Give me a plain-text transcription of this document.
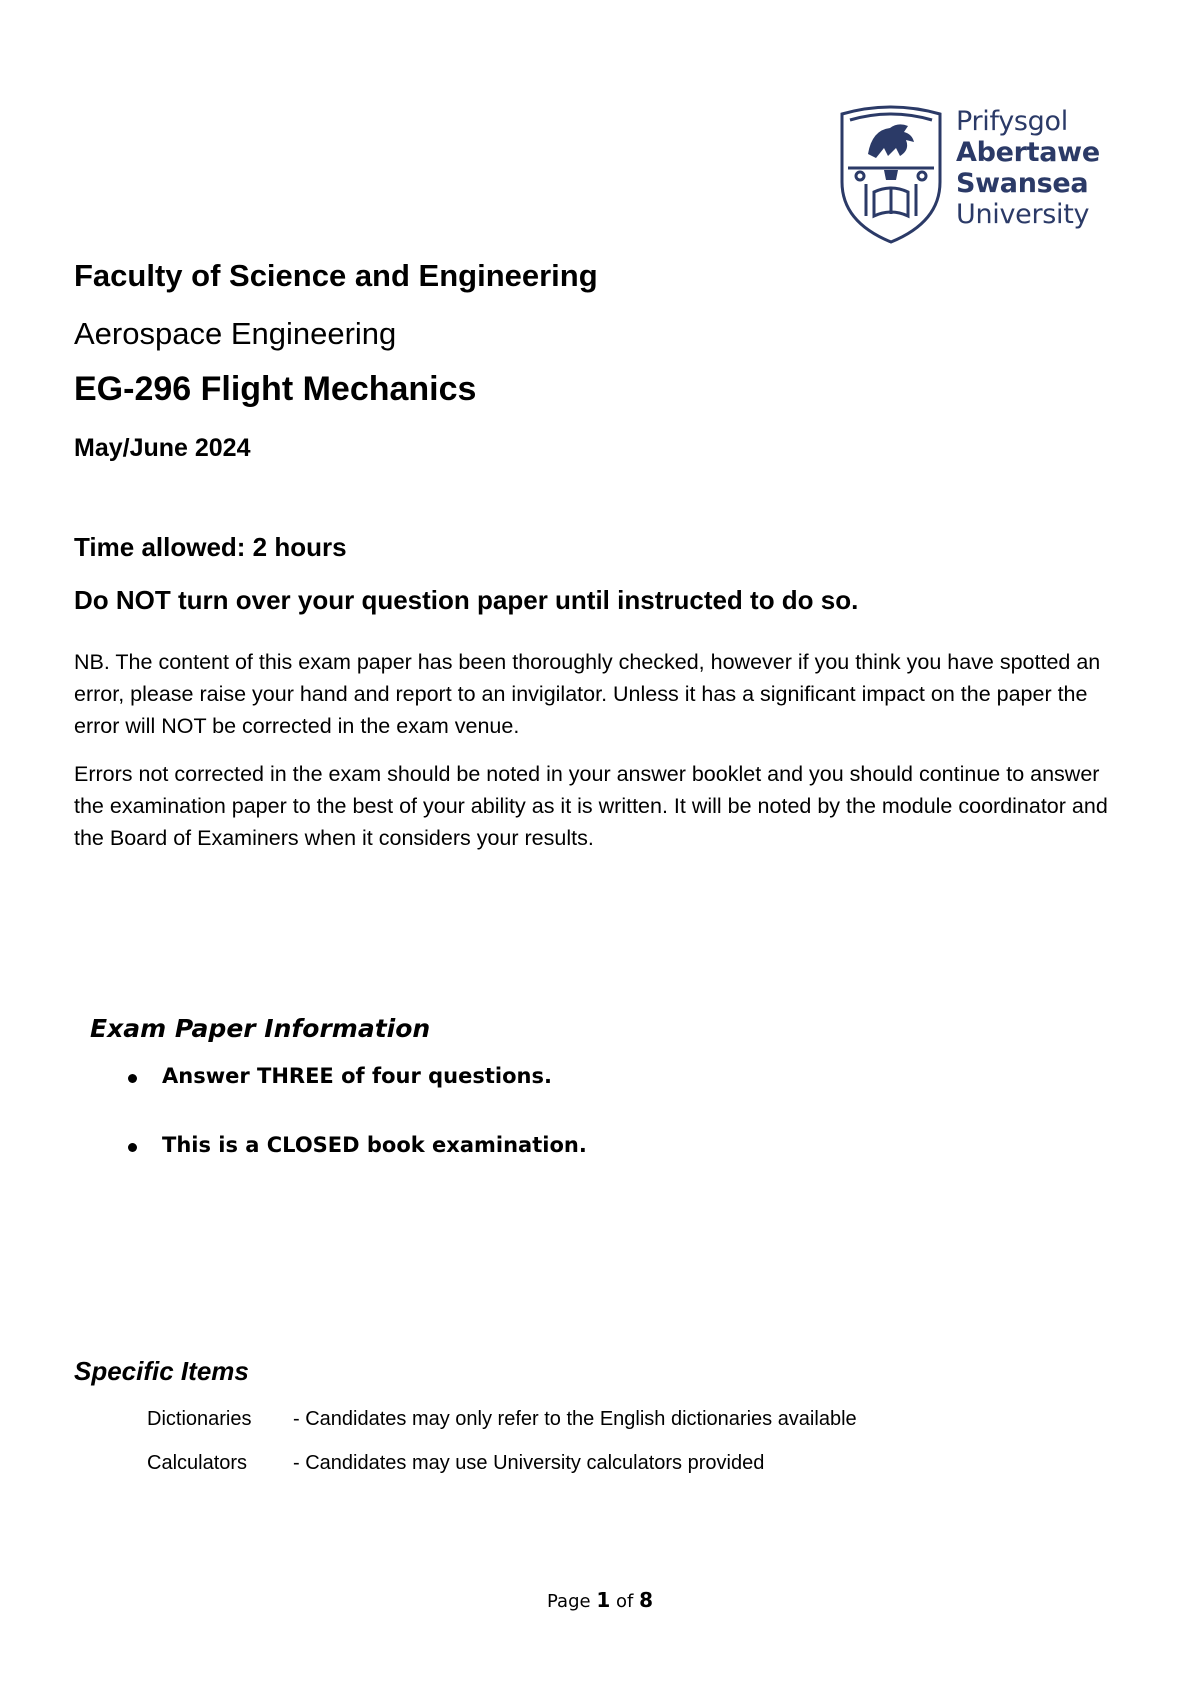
Prifysgol
Abertawe
Swansea
University
Faculty of Science and Engineering
Aerospace Engineering
EG-296 Flight Mechanics
May/June 2024
Time allowed: 2 hours
Do NOT turn over your question paper until instructed to do so.
NB. The content of this exam paper has been thoroughly checked, however if you think you have spotted an error, please raise your hand and report to an invigilator. Unless it has a significant impact on the paper the error will NOT be corrected in the exam venue.
Errors not corrected in the exam should be noted in your answer booklet and you should continue to answer the examination paper to the best of your ability as it is written. It will be noted by the module coordinator and the Board of Examiners when it considers your results.
Exam Paper Information
Answer THREE of four questions.
This is a CLOSED book examination.
Specific Items
Dictionaries - Candidates may only refer to the English dictionaries available
Calculators - Candidates may use University calculators provided
Page 1 of 8
